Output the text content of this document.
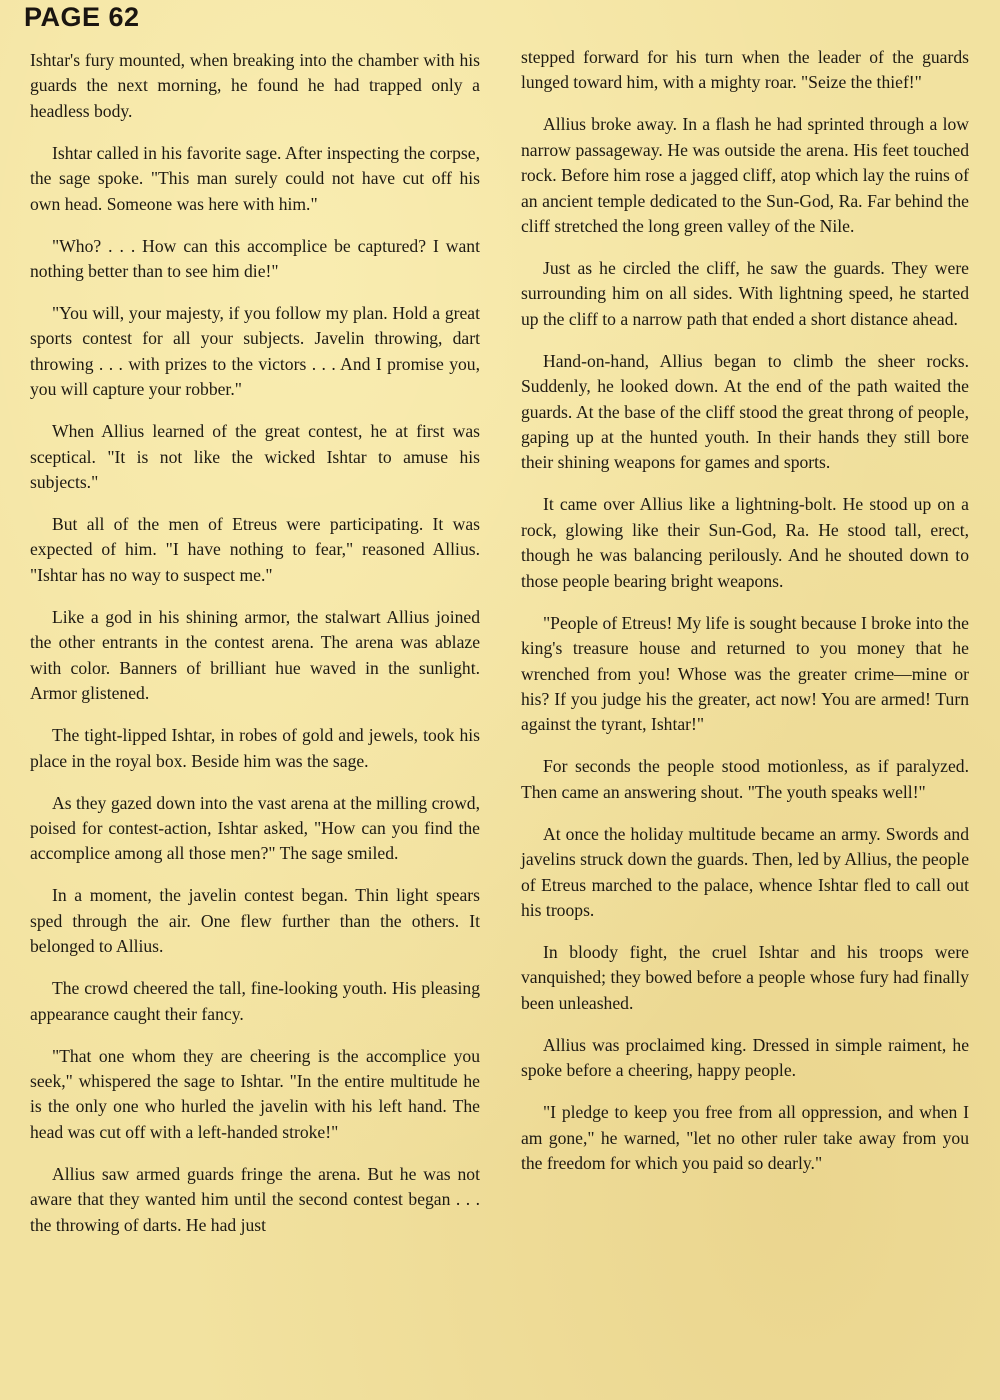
PAGE 62

Ishtar's fury mounted, when breaking into the chamber with his guards the next morning, he found he had trapped only a headless body.

Ishtar called in his favorite sage. After inspecting the corpse, the sage spoke. "This man surely could not have cut off his own head. Someone was here with him."

"Who? . . . How can this accomplice be captured? I want nothing better than to see him die!"

"You will, your majesty, if you follow my plan. Hold a great sports contest for all your subjects. Javelin throwing, dart throwing . . . with prizes to the victors . . . And I promise you, you will capture your robber."

When Allius learned of the great contest, he at first was sceptical. "It is not like the wicked Ishtar to amuse his subjects."

But all of the men of Etreus were participating. It was expected of him. "I have nothing to fear," reasoned Allius. "Ishtar has no way to suspect me."

Like a god in his shining armor, the stalwart Allius joined the other entrants in the contest arena. The arena was ablaze with color. Banners of brilliant hue waved in the sunlight. Armor glistened.

The tight-lipped Ishtar, in robes of gold and jewels, took his place in the royal box. Beside him was the sage.

As they gazed down into the vast arena at the milling crowd, poised for contest-action, Ishtar asked, "How can you find the accomplice among all those men?" The sage smiled.

In a moment, the javelin contest began. Thin light spears sped through the air. One flew further than the others. It belonged to Allius.

The crowd cheered the tall, fine-looking youth. His pleasing appearance caught their fancy.

"That one whom they are cheering is the accomplice you seek," whispered the sage to Ishtar. "In the entire multitude he is the only one who hurled the javelin with his left hand. The head was cut off with a left-handed stroke!"

Allius saw armed guards fringe the arena. But he was not aware that they wanted him until the second contest began . . . the throwing of darts. He had just

stepped forward for his turn when the leader of the guards lunged toward him, with a mighty roar. "Seize the thief!"

Allius broke away. In a flash he had sprinted through a low narrow passageway. He was outside the arena. His feet touched rock. Before him rose a jagged cliff, atop which lay the ruins of an ancient temple dedicated to the Sun-God, Ra. Far behind the cliff stretched the long green valley of the Nile.

Just as he circled the cliff, he saw the guards. They were surrounding him on all sides. With lightning speed, he started up the cliff to a narrow path that ended a short distance ahead.

Hand-on-hand, Allius began to climb the sheer rocks. Suddenly, he looked down. At the end of the path waited the guards. At the base of the cliff stood the great throng of people, gaping up at the hunted youth. In their hands they still bore their shining weapons for games and sports.

It came over Allius like a lightning-bolt. He stood up on a rock, glowing like their Sun-God, Ra. He stood tall, erect, though he was balancing perilously. And he shouted down to those people bearing bright weapons.

"People of Etreus! My life is sought because I broke into the king's treasure house and returned to you money that he wrenched from you! Whose was the greater crime—mine or his? If you judge his the greater, act now! You are armed! Turn against the tyrant, Ishtar!"

For seconds the people stood motionless, as if paralyzed. Then came an answering shout. "The youth speaks well!"

At once the holiday multitude became an army. Swords and javelins struck down the guards. Then, led by Allius, the people of Etreus marched to the palace, whence Ishtar fled to call out his troops.

In bloody fight, the cruel Ishtar and his troops were vanquished; they bowed before a people whose fury had finally been unleashed.

Allius was proclaimed king. Dressed in simple raiment, he spoke before a cheering, happy people.

"I pledge to keep you free from all oppression, and when I am gone," he warned, "let no other ruler take away from you the freedom for which you paid so dearly."
